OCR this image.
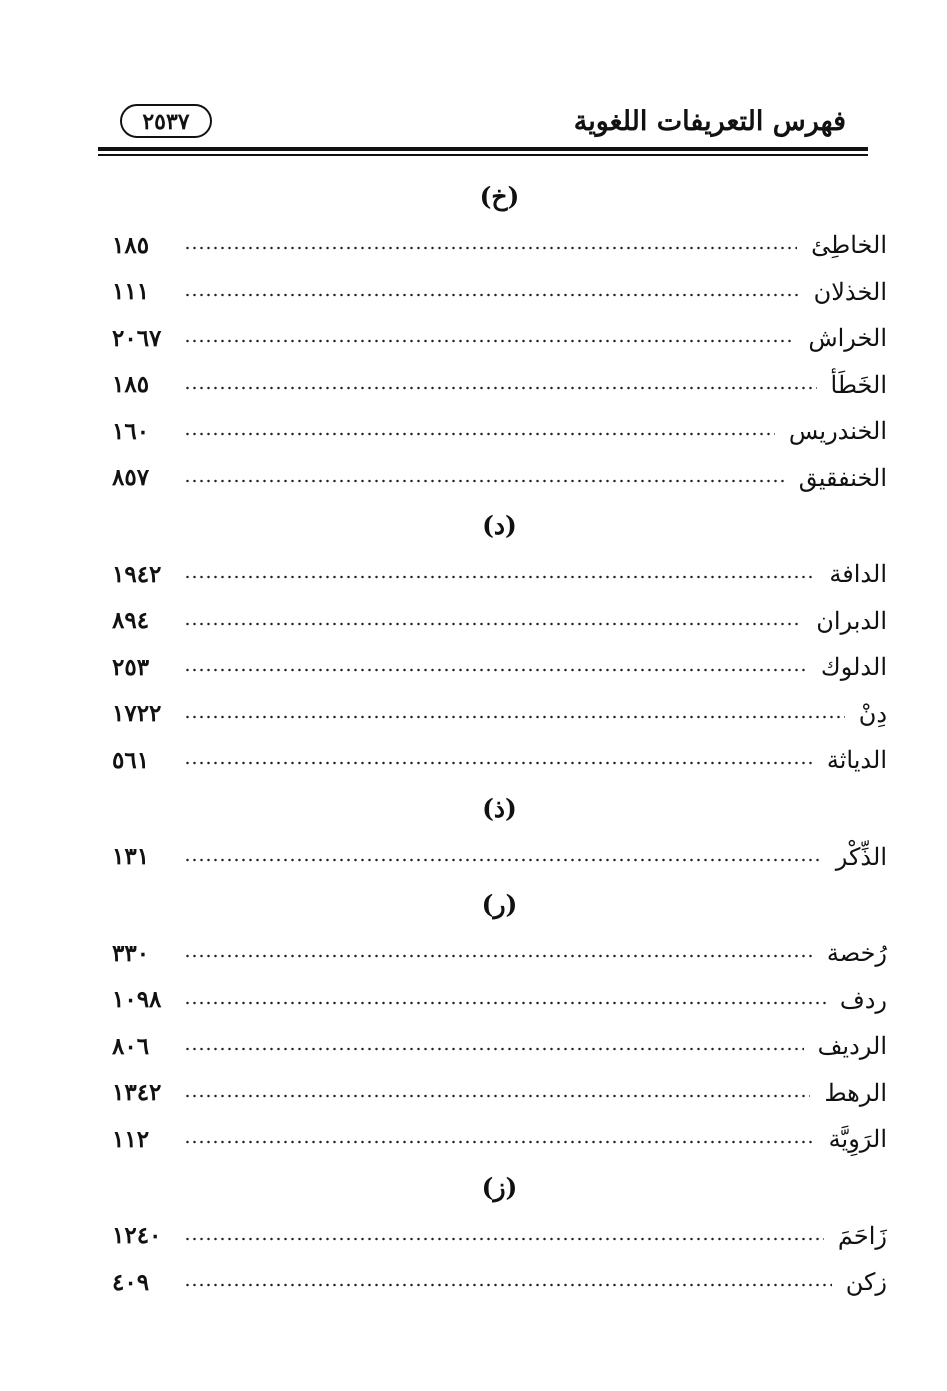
فهرس التعريفات اللغوية
٢٥٣٧
(خ)
الخاطِئ
١٨٥
الخذلان
١١١
الخراش
٢٠٦٧
الخَطَأ
١٨٥
الخندريس
١٦٠
الخنفقيق
٨٥٧
(د)
الدافة
١٩٤٢
الدبران
٨٩٤
الدلوك
٢٥٣
دِنْ
١٧٢٢
الدياثة
٥٦١
(ذ)
الذِّكْر
١٣١
(ر)
رُخصة
٣٣٠
ردف
١٠٩٨
الرديف
٨٠٦
الرهط
١٣٤٢
الرَوِيَّة
١١٢
(ز)
زَاحَمَ
١٢٤٠
زكن
٤٠٩
